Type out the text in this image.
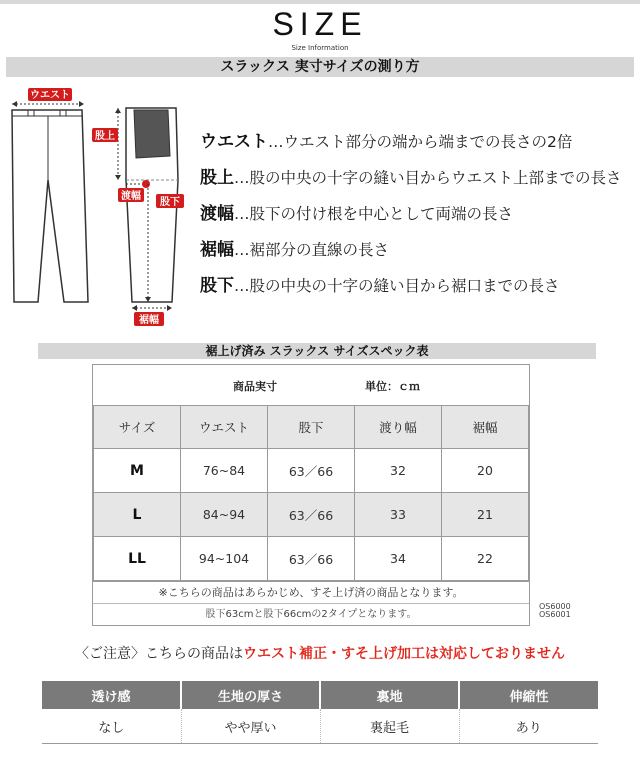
SIZE
Size Information
スラックス 実寸サイズの測り方
ウエスト
股上
渡幅
股下
裾幅
ウエスト…ウエスト部分の端から端までの長さの2倍
股上…股の中央の十字の縫い目からウエスト上部までの長さ
渡幅…股下の付け根を中心として両端の長さ
裾幅…裾部分の直線の長さ
股下…股の中央の十字の縫い目から裾口までの長さ
裾上げ済み スラックス サイズスペック表
商品実寸	単位：ｃｍ
サイズ	ウエスト	股下	渡り幅	裾幅
M	76~84	63／66	32	20
L	84~94	63／66	33	21
LL	94~104	63／66	34	22
※こちらの商品はあらかじめ、すそ上げ済の商品となります。
股下63cmと股下66cmの2タイプとなります。
OS6000
OS6001
〈ご注意〉こちらの商品はウエスト補正・すそ上げ加工は対応しておりません
透け感	生地の厚さ	裏地	伸縮性
なし	やや厚い	裏起毛	あり
